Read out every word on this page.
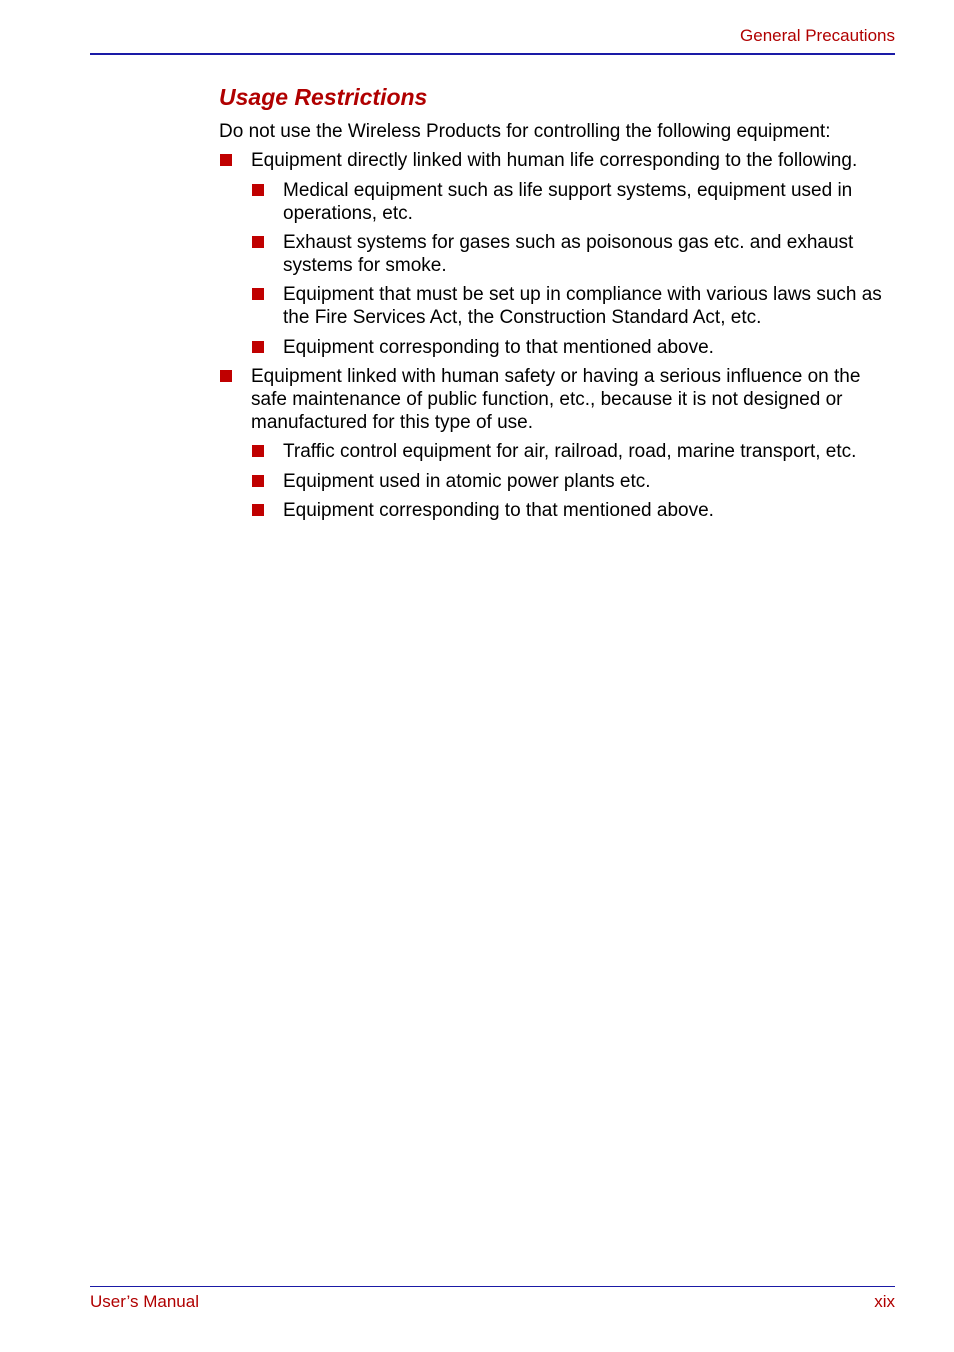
General Precautions
Usage Restrictions
Do not use the Wireless Products for controlling the following equipment:
Equipment directly linked with human life corresponding to the following.
Medical equipment such as life support systems, equipment used in operations, etc.
Exhaust systems for gases such as poisonous gas etc. and exhaust systems for smoke.
Equipment that must be set up in compliance with various laws such as the Fire Services Act, the Construction Standard Act, etc.
Equipment corresponding to that mentioned above.
Equipment linked with human safety or having a serious influence on the safe maintenance of public function, etc., because it is not designed or manufactured for this type of use.
Traffic control equipment for air, railroad, road, marine transport, etc.
Equipment used in atomic power plants etc.
Equipment corresponding to that mentioned above.
User’s Manual	xix
